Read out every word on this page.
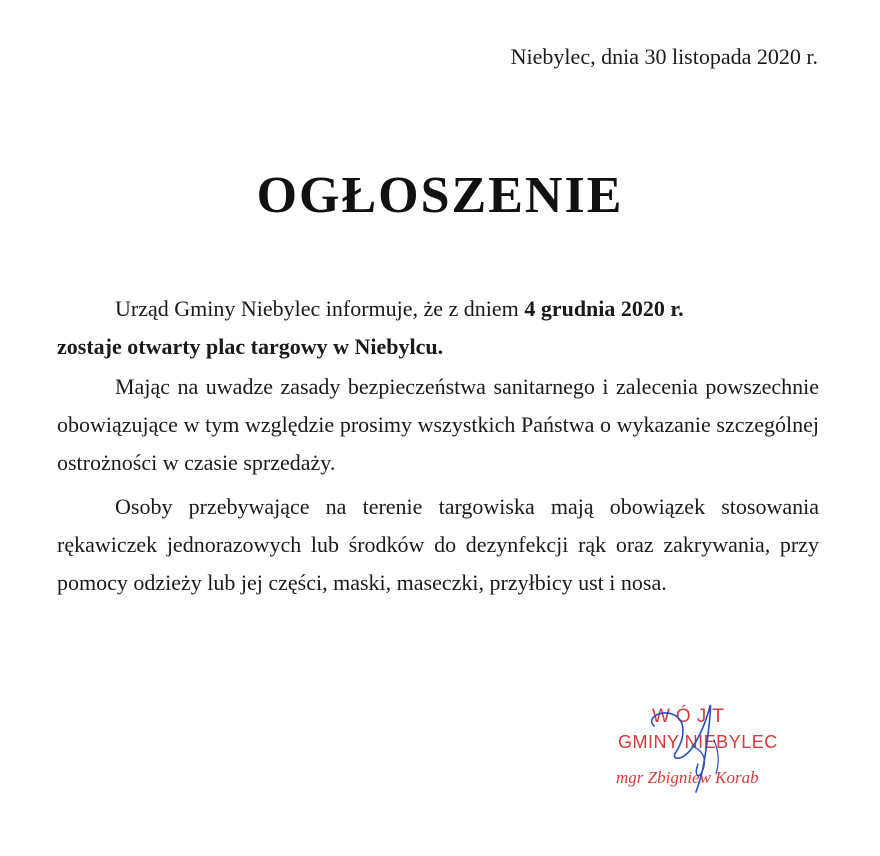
Niebylec, dnia 30 listopada 2020 r.
OGŁOSZENIE

Urząd Gminy Niebylec informuje, że z dniem 4 grudnia 2020 r.
zostaje otwarty plac targowy w Niebylcu.

Mając na uwadze zasady bezpieczeństwa sanitarnego i zalecenia powszechnie obowiązujące w tym względzie prosimy wszystkich Państwa o wykazanie szczególnej ostrożności w czasie sprzedaży.

Osoby przebywające na terenie targowiska mają obowiązek stosowania rękawiczek jednorazowych lub środków do dezynfekcji rąk oraz zakrywania, przy pomocy odzieży lub jej części, maski, maseczki, przyłbicy ust i nosa.

WÓJT
GMINY NIEBYLEC
mgr Zbigniew Korab
